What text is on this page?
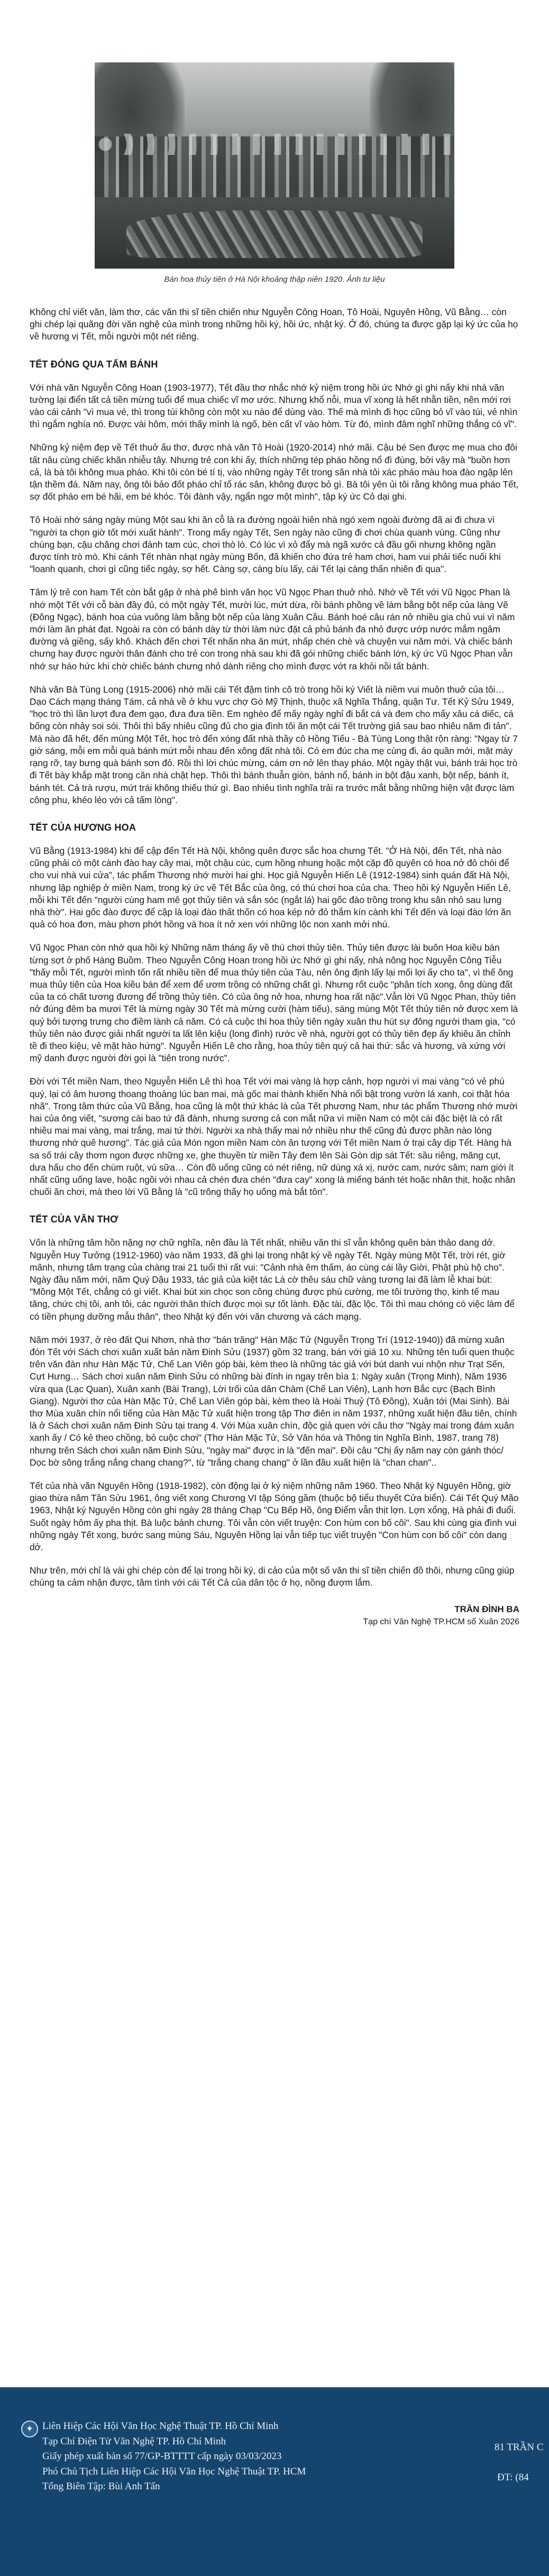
Bán hoa thủy tiên ở Hà Nội khoảng thập niên 1920. Ảnh tư liệu

Không chỉ viết văn, làm thơ, các văn thi sĩ tiền chiến như Nguyễn Công Hoan, Tô Hoài, Nguyên Hồng, Vũ Bằng… còn ghi chép lại quãng đời văn nghệ của mình trong những hồi ký, hồi ức, nhật ký. Ở đó, chúng ta được gặp lại ký ức của họ về hương vị Tết, mỗi người một nét riêng.

TẾT ĐÓNG QUA TẤM BÁNH

Với nhà văn Nguyễn Công Hoan (1903-1977), Tết đầu thơ nhắc nhớ kỷ niệm trong hồi ức Nhớ gì ghi nấy khi nhà văn tường lại điển tất cả tiền mừng tuổi để mua chiếc vĩ mơ ước. Nhưng khổ nỗi, mua vĩ xong là hết nhẵn tiền, nên mới rơi vào cái cảnh "vì mua vé, thì trong túi không còn một xu nào để dùng vào. Thế mà mình đi học cũng bỏ vĩ vào túi, vẻ nhìn thì ngắm nghía nó. Được vài hôm, mới thấy mình là ngố, bèn cất vĩ vào hòm. Từ đó, mình đâm nghĩ những thắng có vĩ".

Những kỷ niệm đẹp về Tết thuở ấu thơ, được nhà văn Tô Hoài (1920-2014) nhớ mãi. Cậu bé Sen được mẹ mua cho đôi tất nâu cùng chiếc khăn nhiễu tây. Nhưng trẻ con khi ấy, thích những tép pháo hồng nổ đì đùng, bởi vậy mà "buồn hơn cả, là bà tôi không mua pháo. Khi tôi còn bé tí tị, vào những ngày Tết trong sân nhà tôi xác pháo màu hoa đào ngập lên tận thềm đá. Năm nay, ông tôi bảo đốt pháo chỉ tổ rác sân, không được bỏ gì. Bà tôi yên ủi tôi rằng không mua pháo Tết, sợ đốt pháo em bé hãi, em bé khóc. Tôi đành vậy, ngẩn ngơ một mình", tập ký ức Cỏ dại ghi.

Tô Hoài nhớ sáng ngày mùng Một sau khi ăn cỗ là ra đường ngoài hiên nhà ngó xem ngoài đường đã ai đi chưa vì "người ta chọn giờ tốt mới xuất hành". Trong mấy ngày Tết, Sen ngày nào cũng đi chơi chùa quanh vùng. Cũng như chúng bạn, cậu chăng chơi đánh tam cúc, chơi thò lò. Có lúc vì xỏ đẩy mà ngã xước cả đầu gối nhưng không ngần được tính trò mò. Khi cánh Tết nhàn nhạt ngày mùng Bốn, đã khiến cho đứa trẻ ham chơi, ham vui phải tiếc nuối khi "loanh quanh, chơi gì cũng tiếc ngày, sợ hết. Càng sợ, càng bíu lấy, cái Tết lại càng thấn nhiên đi qua".

Tâm lý trẻ con ham Tết còn bắt gặp ở nhà phê bình văn học Vũ Ngọc Phan thuở nhỏ. Nhớ về Tết với Vũ Ngọc Phan là nhớ một Tết với cỗ bàn đầy đủ, có một ngày Tết, mười lúc, mứt dừa, rồi bánh phồng về làm bằng bột nếp của làng Vẽ (Đông Ngạc), bánh hoa cúa vuông làm bằng bột nếp của làng Xuân Cầu. Bánh hoé câu rán nở nhiều gia chủ vui vì năm mới làm ăn phát đạt. Ngoài ra còn có bánh dày từ thời làm nức đặt cả phủ bánh đa nhỏ được ướp nước mắm ngâm đường và giềng, sấy khô. Khách đến chơi Tết nhấn nha ăn mứt, nhấp chén chè và chuyện vui năm mới. Và chiếc bánh chưng hay được người thân đánh cho trẻ con trong nhà sau khi đã gói những chiếc bánh lớn, kỳ ức Vũ Ngọc Phan vẫn nhớ sự háo hức khi chờ chiếc bánh chưng nhỏ dành riêng cho mình được vớt ra khỏi nồi tất bánh.

Nhà văn Bà Tùng Long (1915-2006) nhớ mãi cái Tết đậm tình cô trò trong hồi ký Viết là niềm vui muôn thuở của tôi… Dạo Cách mạng tháng Tám, cả nhà về ở khu vực chợ Gò Mỹ Thịnh, thuộc xã Nghĩa Thắng, quận Tư. Tết Kỷ Sửu 1949, "học trò thì lần lượt đưa đem gạo, đưa đưa tiền. Em nghèo để mấy ngày nghỉ đi bắt cá và đem cho mấy xâu cá diếc, cá bống còn nhảy soi sói. Thôi thì bấy nhiêu cũng đủ cho gia đình tôi ăn một cái Tết trường giả sau bao nhiêu năm đi tản". Mà nào đã hết, đến mùng Một Tết, học trò đến xóng đất nhà thầy cô Hồng Tiếu - Bà Tùng Long thật rộn ràng: "Ngay từ 7 giờ sáng, mỗi em mỗi quà bánh mứt mỗi nhau đến xông đất nhà tôi. Có em đúc cha mẹ cùng đi, áo quần mới, mặt mày rạng rỡ, tay bưng quà bánh sơn đỏ. Rồi thì lời chúc mừng, cám ơn nở lên thay pháo. Một ngày thật vui, bánh trái học trò đi Tết bày khắp mặt trong căn nhà chật hẹp. Thôi thì bánh thuẫn giòn, bánh nổ, bánh in bột đậu xanh, bột nếp, bánh ít, bánh tét. Cả trà rượu, mứt trái không thiếu thứ gì. Bao nhiêu tình nghĩa trải ra trước mắt bằng những hiện vật được làm công phu, khéo léo với cả tấm lòng".

TẾT CỦA HƯƠNG HOA

Vũ Bằng (1913-1984) khi để cập đến Tết Hà Nội, không quên được sắc hoa chưng Tết. "Ở Hà Nội, đến Tết, nhà nào cũng phải có một cành đào hay cây mai, một chậu cúc, cụm hồng nhung hoặc một cặp đồ quyên có hoa nở đỏ chói để cho vui nhà vui cửa", tác phẩm Thương nhớ mười hai ghi. Học giả Nguyễn Hiến Lê (1912-1984) sinh quán đất Hà Nội, nhưng lập nghiệp ở miền Nam, trong ký ức về Tết Bắc của ông, có thú chơi hoa của cha. Theo hồi ký Nguyễn Hiến Lê, mỗi khi Tết đến "người cùng ham mê gọt thủy tiên và sắn sóc (ngắt lá) hai gốc đào trồng trong khu sân nhỏ sau lưng nhà thờ". Hai gốc đào được để cập là loại đào thất thốn có hoa kép nở đỏ thắm kín cành khi Tết đến và loại đào lớn ăn quả có hoa đơn, màu phơn phớt hồng và hoa ít nở xen với những lộc non xanh mởi nhú.

Vũ Ngọc Phan còn nhớ qua hồi ký Những năm tháng ấy về thú chơi thủy tiên. Thủy tiên được lài buôn Hoa kiều bán từng sợt ở phố Hàng Buồm. Theo Nguyễn Công Hoan trong hồi ức Nhớ gì ghi nấy, nhà nông học Nguyễn Công Tiễu "thấy mỗi Tết, người mình tốn rất nhiều tiền để mua thủy tiên của Tàu, nên ông định lấy lại mối lợi ấy cho ta", vì thế ông mua thủy tiên của Hoa kiều bán để xem để ươm trồng có những chất gì. Nhưng rốt cuộc "phân tích xong, ông dùng đất của ta có chất tương đương để trồng thủy tiên. Có của ông nở hoa, nhưng hoa rất nặc".Vẫn lời Vũ Ngọc Phan, thủy tiên nở đúng đêm ba mươi Tết là mừng ngày 30 Tết mà mừng cười (hàm tiếu), sáng mùng Một Tết thủy tiên nở được xem là quý bởi tượng trưng cho điềm lành cả năm. Có cả cuộc thi hoa thủy tiên ngày xuân thu hút sự đông người tham gia, "có thủy tiên nào được giải nhất người ta lất lên kiệu (long đình) rước về nhà, người gọt có thủy tiên đẹp ấy khiêu ăn chỉnh tề đi theo kiệu, vẻ mặt hào hứng". Nguyễn Hiến Lê cho rằng, hoa thủy tiên quý cả hai thứ: sắc và hương, và xứng với mỹ danh được người đời gọi là "tiên trong nước".

Đời với Tết miền Nam, theo Nguyễn Hiến Lê thì hoa Tết với mai vàng là hợp cảnh, hợp người vì mai vàng "có vẻ phú quý, lại có âm hương thoang thoảng lúc ban mai, mà gốc mai thành khiến Nhà nổi bật trong vườn lá xanh, coi thật hóa nhã". Trong tâm thức của Vũ Bằng, hoa cũng là một thứ khác là của Tết phương Nam, như tác phẩm Thương nhớ mười hai của ông viết, "sương cài bao tứ đã đành, nhưng sương cả con mắt nữa vì miền Nam có một cái đặc biệt là có rất nhiều mai mai vàng, mai trắng, mai tứ thời. Người xa nhà thấy mai nở nhiều như thế cũng đủ được phần nào lòng thương nhớ quê hương". Tác giả của Món ngon miền Nam còn ân tượng với Tết miền Nam ở trại cây dịp Tết. Hàng hà sa số trái cây thơm ngon được những xe, ghe thuyền từ miền Tây đem lên Sài Gòn dịp sát Tết: sầu riêng, măng cụt, dưa hấu cho đến chùm ruột, vú sữa… Còn đồ uống cũng có nét riêng, nữ dùng xá xị, nước cam, nước sâm; nam giới ít nhất cũng uống lave, hoặc ngồi với nhau cả chén đưa chén "đưa cay" xong là miếng bánh tét hoặc nhân thịt, hoặc nhân chuối ăn chơi, mà theo lời Vũ Bằng là "cũ trông thấy họ uống mà bắt tôn".

TẾT CỦA VĂN THƠ

Vốn là những tâm hồn nặng nợ chữ nghĩa, nên đầu là Tết nhất, nhiều văn thi sĩ vẫn không quên bàn thảo dang dở. Nguyễn Huy Tưởng (1912-1960) vào năm 1933, đã ghi lại trong nhật ký về ngày Tết. Ngày mùng Một Tết, trời rét, giờ mãnh, nhưng tâm trạng của chàng trai 21 tuổi thì rất vui: "Cảnh nhà êm thấm, áo cùng cái lầy Giời, Phật phù hộ cho". Ngày đầu năm mới, năm Quý Dậu 1933, tác giả của kiệt tác Lá cờ thêu sáu chữ vàng tương lai đã làm lễ khai bút: "Mồng Một Tết, chẳng có gì viết. Khai bút xin chọc son công chúng được phù cường, me tôi trường thọ, kinh tế mau tăng, chức chị tôi, anh tôi, các người thân thích được mọi sự tốt lành. Đặc tài, đặc lộc. Tôi thì mau chóng có việc làm để có tiền phụng dưỡng mẫu thân", theo Nhật ký đến với văn chương và cách mạng.

Năm mới 1937, ở rèo đất Qui Nhơn, nhà thơ "bán trăng" Hàn Mặc Tử (Nguyễn Trọng Trí (1912-1940)) đã mừng xuân đón Tết với Sách chơi xuân xuất bản năm Đinh Sửu (1937) gồm 32 trang, bán với giá 10 xu. Những tên tuổi quen thuộc trên văn đàn như Hàn Mặc Tử, Chế Lan Viên góp bài, kèm theo là những tác giả với bút danh vui nhộn như Trạt Sến, Cựt Hưng… Sách chơi xuân năm Đinh Sửu có những bài đính in ngay trên bìa 1: Ngày xuân (Trọng Minh), Năm 1936 vừa qua (Lạc Quan), Xuân xanh (Bài Trang), Lời trối của dân Chàm (Chế Lan Viên), Lạnh hơn Bắc cực (Bạch Bình Giang). Người thơ của Hàn Mặc Tử, Chế Lan Viên góp bài, kèm theo là Hoài Thuỷ (Tô Đông), Xuân tới (Mai Sinh). Bài thơ Mùa xuân chín nổi tiếng của Hàn Mặc Tử xuất hiện trong tập Thơ điên in năm 1937, những xuất hiện đầu tiên, chính là ở Sách chơi xuân năm Đinh Sửu tại trang 4. Với Mùa xuân chín, độc giả quen với câu thơ "Ngày mai trong đám xuân xanh ấy / Có kẻ theo chồng, bỏ cuộc chơi" (Thơ Hàn Mặc Tử, Sở Văn hóa và Thông tin Nghĩa Bình, 1987, trang 78) nhưng trên Sách chơi xuân năm Đinh Sửu, "ngày mai" được in là "đến mai". Đồi câu "Chị ấy năm nay còn gánh thóc/ Dọc bờ sông trắng nắng chang chang?", từ "trắng chang chang" ở lần đầu xuất hiện là "chan chan"..

Tết của nhà văn Nguyên Hồng (1918-1982), còn động lại ở ký niệm những năm 1960. Theo Nhật ký Nguyên Hồng, giờ giao thừa năm Tân Sửu 1961, ông viết xong Chương VI tập Sóng gầm (thuộc bộ tiểu thuyết Cửa biển). Cái Tết Quý Mão 1963, Nhật ký Nguyên Hồng còn ghi ngày 28 tháng Chạp "Cụ Bếp Hồ, ông Điểm vẫn thịt lợn. Lợn xổng, Hà phải đi đuổi. Suốt ngày hôm ấy pha thịt. Bà luộc bánh chưng. Tôi vẫn còn viết truyện: Con hùm con bố côi". Sau khi cùng gia đình vui những ngày Tết xong, bước sang mùng Sáu, Nguyên Hồng lại vẫn tiếp tục viết truyện "Con hùm con bố côi" còn dang dở.

Như trên, mới chỉ là vài ghi chép còn để lại trong hồi ký, di cảo của một số văn thi sĩ tiền chiến đồ thôi, nhưng cũng giúp chúng ta cảm nhận được, tâm tình với cái Tết Cả của dân tộc ở họ, nồng đượm lắm.

TRẦN ĐÌNH BA
Tạp chí Văn Nghệ TP.HCM số Xuân 2026
✦ Liên Hiệp Các Hội Văn Học Nghệ Thuật TP. Hồ Chí Minh
Tạp Chí Điện Tử Văn Nghệ TP. Hồ Chí Minh
Giấy phép xuất bản số 77/GP-BTTTT cấp ngày 03/03/2023
Phó Chủ Tịch Liên Hiệp Các Hội Văn Học Nghệ Thuật TP. HCM
Tổng Biên Tập: Bùi Anh Tấn
81 TRẦN C
ĐT: (84
